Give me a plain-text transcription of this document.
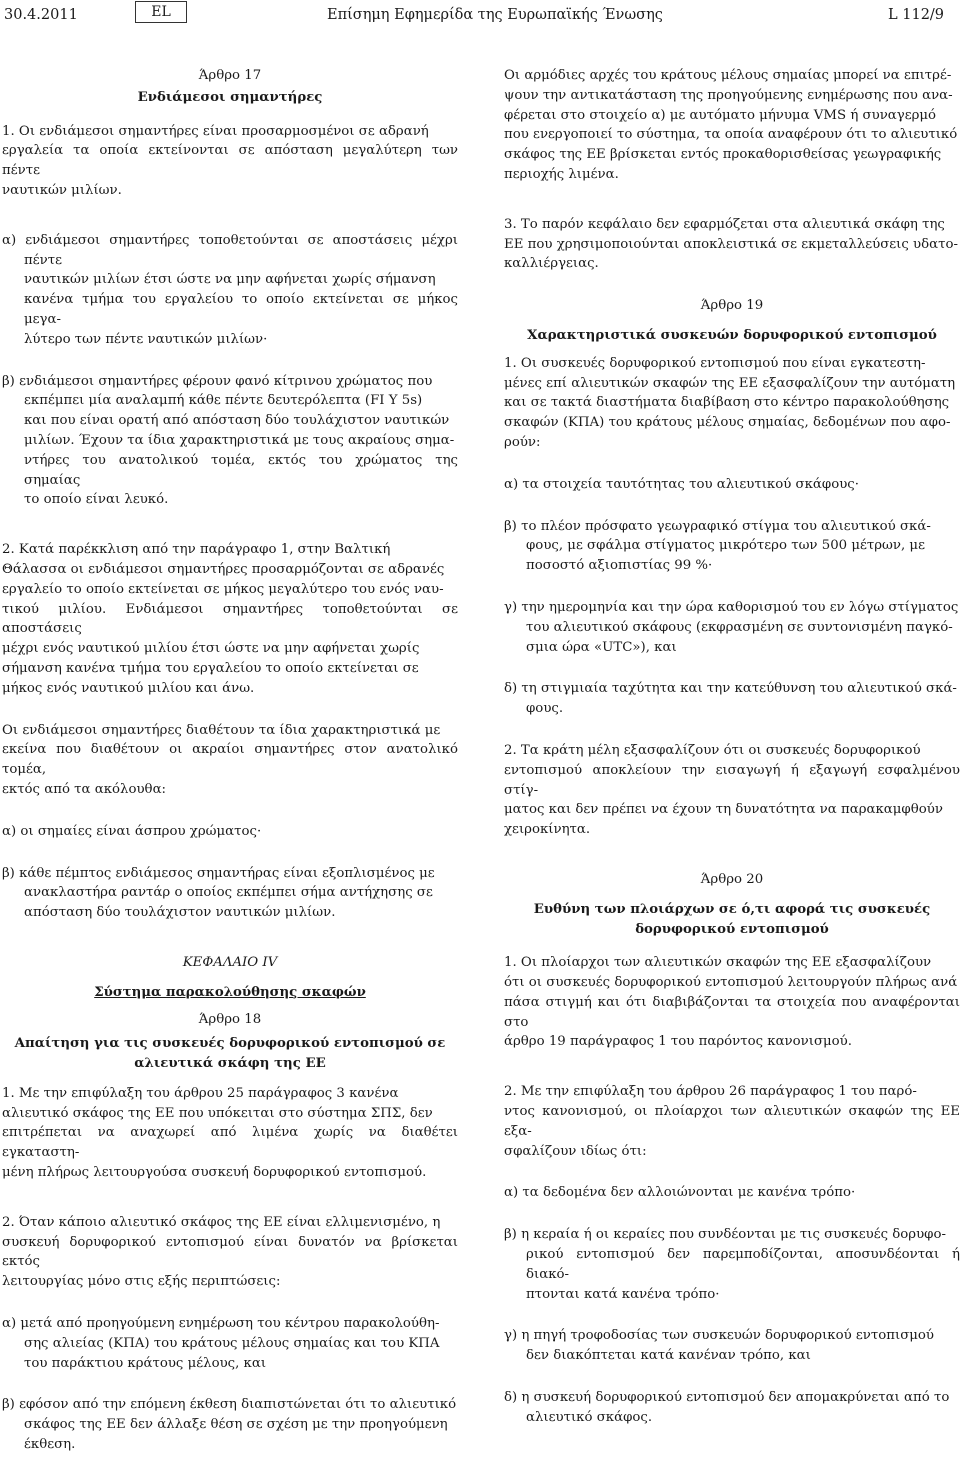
30.4.2011	EL	Επίσημη Εφημερίδα της Ευρωπαϊκής Ένωσης	L 112/9
Άρθρο 17
Ενδιάμεσοι σημαντήρες

1. Οι ενδιάμεσοι σημαντήρες είναι προσαρμοσμένοι σε αδρανή
εργαλεία τα οποία εκτείνονται σε απόσταση μεγαλύτερη των πέντε
ναυτικών μιλίων.

α) ενδιάμεσοι σημαντήρες τοποθετούνται σε αποστάσεις μέχρι πέντε
ναυτικών μιλίων έτσι ώστε να μην αφήνεται χωρίς σήμανση
κανένα τμήμα του εργαλείου το οποίο εκτείνεται σε μήκος μεγα-
λύτερο των πέντε ναυτικών μιλίων·

β) ενδιάμεσοι σημαντήρες φέρουν φανό κίτρινου χρώματος που
εκπέμπει μία αναλαμπή κάθε πέντε δευτερόλεπτα (FI Y 5s)
και που είναι ορατή από απόσταση δύο τουλάχιστον ναυτικών
μιλίων. Έχουν τα ίδια χαρακτηριστικά με τους ακραίους σημα-
ντήρες του ανατολικού τομέα, εκτός του χρώματος της σημαίας
το οποίο είναι λευκό.

2. Κατά παρέκκλιση από την παράγραφο 1, στην Βαλτική
Θάλασσα οι ενδιάμεσοι σημαντήρες προσαρμόζονται σε αδρανές
εργαλείο το οποίο εκτείνεται σε μήκος μεγαλύτερο του ενός ναυ-
τικού μιλίου. Ενδιάμεσοι σημαντήρες τοποθετούνται σε αποστάσεις
μέχρι ενός ναυτικού μιλίου έτσι ώστε να μην αφήνεται χωρίς
σήμανση κανένα τμήμα του εργαλείου το οποίο εκτείνεται σε
μήκος ενός ναυτικού μιλίου και άνω.

Οι ενδιάμεσοι σημαντήρες διαθέτουν τα ίδια χαρακτηριστικά με
εκείνα που διαθέτουν οι ακραίοι σημαντήρες στον ανατολικό τομέα,
εκτός από τα ακόλουθα:

α) οι σημαίες είναι άσπρου χρώματος·

β) κάθε πέμπτος ενδιάμεσος σημαντήρας είναι εξοπλισμένος με
ανακλαστήρα ραντάρ ο οποίος εκπέμπει σήμα αντήχησης σε
απόσταση δύο τουλάχιστον ναυτικών μιλίων.

ΚΕΦΑΛΑΙΟ IV
Σύστημα παρακολούθησης σκαφών
Άρθρο 18
Απαίτηση για τις συσκευές δορυφορικού εντοπισμού σε
αλιευτικά σκάφη της ΕΕ

1. Με την επιφύλαξη του άρθρου 25 παράγραφος 3 κανένα
αλιευτικό σκάφος της ΕΕ που υπόκειται στο σύστημα ΣΠΣ, δεν
επιτρέπεται να αναχωρεί από λιμένα χωρίς να διαθέτει εγκαταστη-
μένη πλήρως λειτουργούσα συσκευή δορυφορικού εντοπισμού.

2. Όταν κάποιο αλιευτικό σκάφος της ΕΕ είναι ελλιμενισμένο, η
συσκευή δορυφορικού εντοπισμού είναι δυνατόν να βρίσκεται εκτός
λειτουργίας μόνο στις εξής περιπτώσεις:

α) μετά από προηγούμενη ενημέρωση του κέντρου παρακολούθη-
σης αλιείας (ΚΠΑ) του κράτους μέλους σημαίας και του ΚΠΑ
του παράκτιου κράτους μέλους, και

β) εφόσον από την επόμενη έκθεση διαπιστώνεται ότι το αλιευτικό
σκάφος της ΕΕ δεν άλλαξε θέση σε σχέση με την προηγούμενη
έκθεση.

Οι αρμόδιες αρχές του κράτους μέλους σημαίας μπορεί να επιτρέ-
ψουν την αντικατάσταση της προηγούμενης ενημέρωσης που ανα-
φέρεται στο στοιχείο α) με αυτόματο μήνυμα VMS ή συναγερμό
που ενεργοποιεί το σύστημα, τα οποία αναφέρουν ότι το αλιευτικό
σκάφος της ΕΕ βρίσκεται εντός προκαθορισθείσας γεωγραφικής
περιοχής λιμένα.

3. Το παρόν κεφάλαιο δεν εφαρμόζεται στα αλιευτικά σκάφη της
ΕΕ που χρησιμοποιούνται αποκλειστικά σε εκμεταλλεύσεις υδατο-
καλλιέργειας.

Άρθρο 19
Χαρακτηριστικά συσκευών δορυφορικού εντοπισμού

1. Οι συσκευές δορυφορικού εντοπισμού που είναι εγκατεστη-
μένες επί αλιευτικών σκαφών της ΕΕ εξασφαλίζουν την αυτόματη
και σε τακτά διαστήματα διαβίβαση στο κέντρο παρακολούθησης
σκαφών (ΚΠΑ) του κράτους μέλους σημαίας, δεδομένων που αφο-
ρούν:

α) τα στοιχεία ταυτότητας του αλιευτικού σκάφους·

β) το πλέον πρόσφατο γεωγραφικό στίγμα του αλιευτικού σκά-
φους, με σφάλμα στίγματος μικρότερο των 500 μέτρων, με
ποσοστό αξιοπιστίας 99 %·

γ) την ημερομηνία και την ώρα καθορισμού του εν λόγω στίγματος
του αλιευτικού σκάφους (εκφρασμένη σε συντονισμένη παγκό-
σμια ώρα «UTC»), και

δ) τη στιγμιαία ταχύτητα και την κατεύθυνση του αλιευτικού σκά-
φους.

2. Τα κράτη μέλη εξασφαλίζουν ότι οι συσκευές δορυφορικού
εντοπισμού αποκλείουν την εισαγωγή ή εξαγωγή εσφαλμένου στίγ-
ματος και δεν πρέπει να έχουν τη δυνατότητα να παρακαμφθούν
χειροκίνητα.

Άρθρο 20
Ευθύνη των πλοιάρχων σε ό,τι αφορά τις συσκευές
δορυφορικού εντοπισμού

1. Οι πλοίαρχοι των αλιευτικών σκαφών της ΕΕ εξασφαλίζουν
ότι οι συσκευές δορυφορικού εντοπισμού λειτουργούν πλήρως ανά
πάσα στιγμή και ότι διαβιβάζονται τα στοιχεία που αναφέρονται στο
άρθρο 19 παράγραφος 1 του παρόντος κανονισμού.

2. Με την επιφύλαξη του άρθρου 26 παράγραφος 1 του παρό-
ντος κανονισμού, οι πλοίαρχοι των αλιευτικών σκαφών της ΕΕ εξα-
σφαλίζουν ιδίως ότι:

α) τα δεδομένα δεν αλλοιώνονται με κανένα τρόπο·

β) η κεραία ή οι κεραίες που συνδέονται με τις συσκευές δορυφο-
ρικού εντοπισμού δεν παρεμποδίζονται, αποσυνδέονται ή διακό-
πτονται κατά κανένα τρόπο·

γ) η πηγή τροφοδοσίας των συσκευών δορυφορικού εντοπισμού
δεν διακόπτεται κατά κανέναν τρόπο, και

δ) η συσκευή δορυφορικού εντοπισμού δεν απομακρύνεται από το
αλιευτικό σκάφος.
